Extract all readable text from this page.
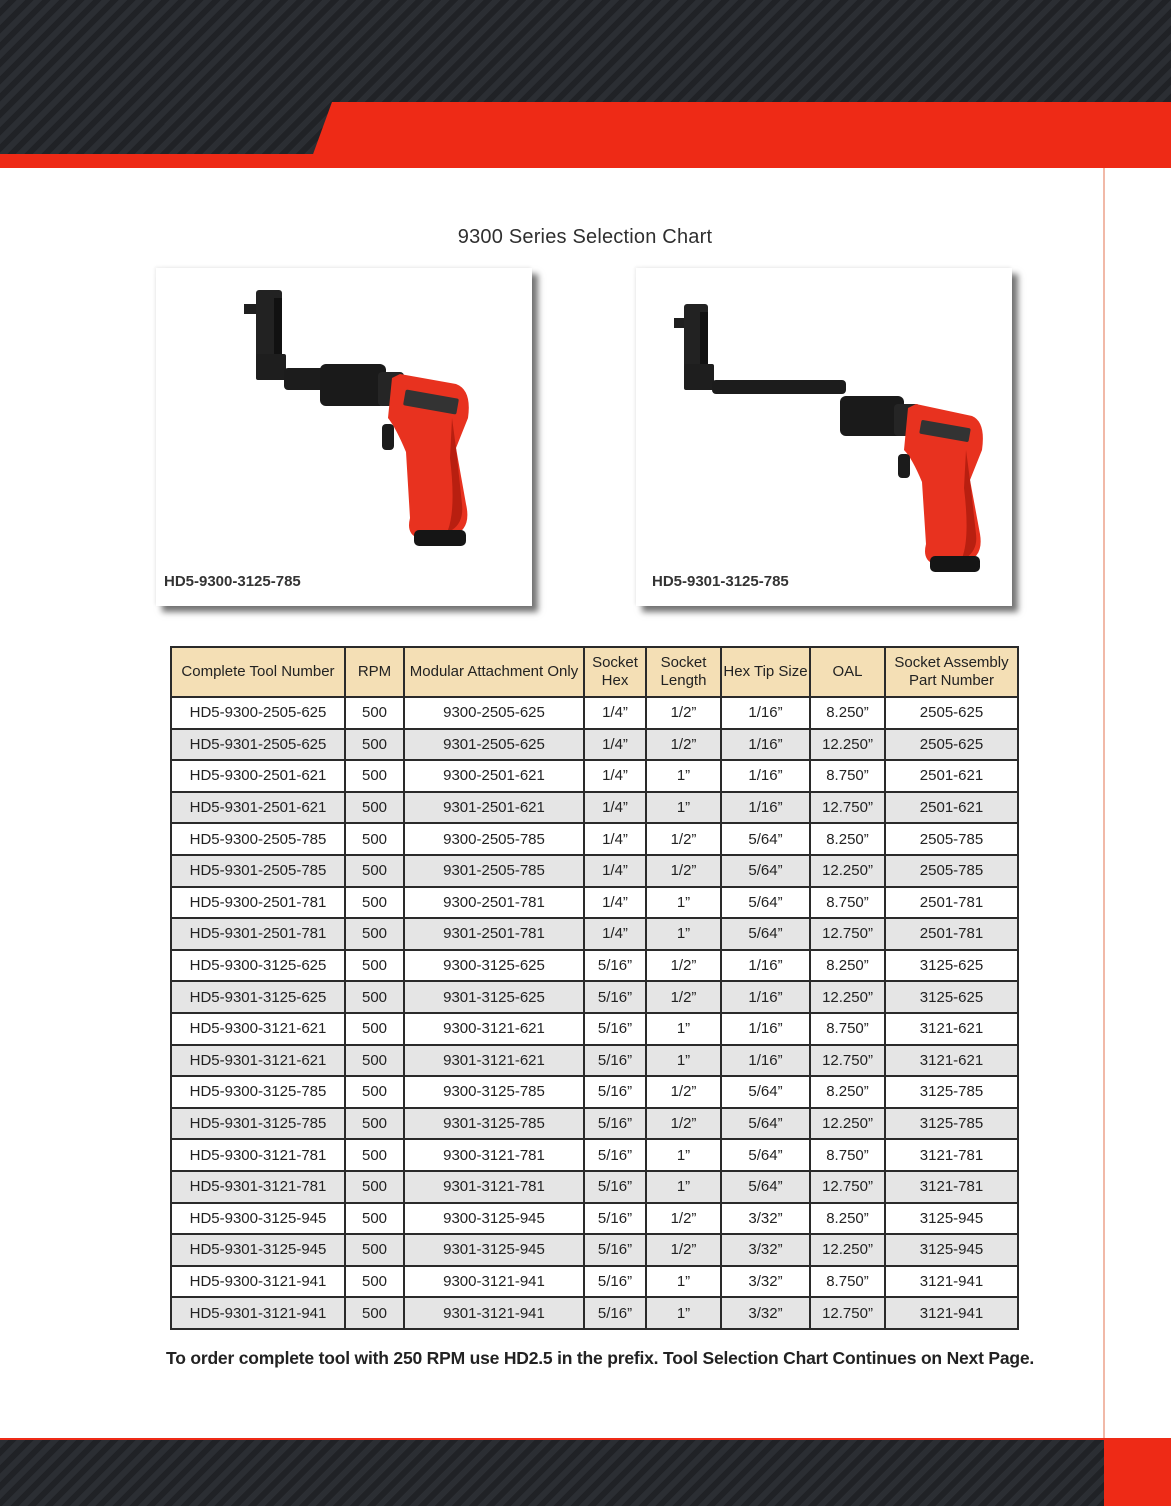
9300 Series Selection Chart
HD5-9300-3125-785	HD5-9301-3125-785
Complete Tool Number	RPM	Modular Attachment Only	Socket Hex	Socket Length	Hex Tip Size	OAL	Socket Assembly Part Number
HD5-9300-2505-625	500	9300-2505-625	1/4”	1/2”	1/16”	8.250”	2505-625
HD5-9301-2505-625	500	9301-2505-625	1/4”	1/2”	1/16”	12.250”	2505-625
HD5-9300-2501-621	500	9300-2501-621	1/4”	1”	1/16”	8.750”	2501-621
HD5-9301-2501-621	500	9301-2501-621	1/4”	1”	1/16”	12.750”	2501-621
HD5-9300-2505-785	500	9300-2505-785	1/4”	1/2”	5/64”	8.250”	2505-785
HD5-9301-2505-785	500	9301-2505-785	1/4”	1/2”	5/64”	12.250”	2505-785
HD5-9300-2501-781	500	9300-2501-781	1/4”	1”	5/64”	8.750”	2501-781
HD5-9301-2501-781	500	9301-2501-781	1/4”	1”	5/64”	12.750”	2501-781
HD5-9300-3125-625	500	9300-3125-625	5/16”	1/2”	1/16”	8.250”	3125-625
HD5-9301-3125-625	500	9301-3125-625	5/16”	1/2”	1/16”	12.250”	3125-625
HD5-9300-3121-621	500	9300-3121-621	5/16”	1”	1/16”	8.750”	3121-621
HD5-9301-3121-621	500	9301-3121-621	5/16”	1”	1/16”	12.750”	3121-621
HD5-9300-3125-785	500	9300-3125-785	5/16”	1/2”	5/64”	8.250”	3125-785
HD5-9301-3125-785	500	9301-3125-785	5/16”	1/2”	5/64”	12.250”	3125-785
HD5-9300-3121-781	500	9300-3121-781	5/16”	1”	5/64”	8.750”	3121-781
HD5-9301-3121-781	500	9301-3121-781	5/16”	1”	5/64”	12.750”	3121-781
HD5-9300-3125-945	500	9300-3125-945	5/16”	1/2”	3/32”	8.250”	3125-945
HD5-9301-3125-945	500	9301-3125-945	5/16”	1/2”	3/32”	12.250”	3125-945
HD5-9300-3121-941	500	9300-3121-941	5/16”	1”	3/32”	8.750”	3121-941
HD5-9301-3121-941	500	9301-3121-941	5/16”	1”	3/32”	12.750”	3121-941
To order complete tool with 250 RPM use HD2.5 in the prefix. Tool Selection Chart Continues on Next Page.
